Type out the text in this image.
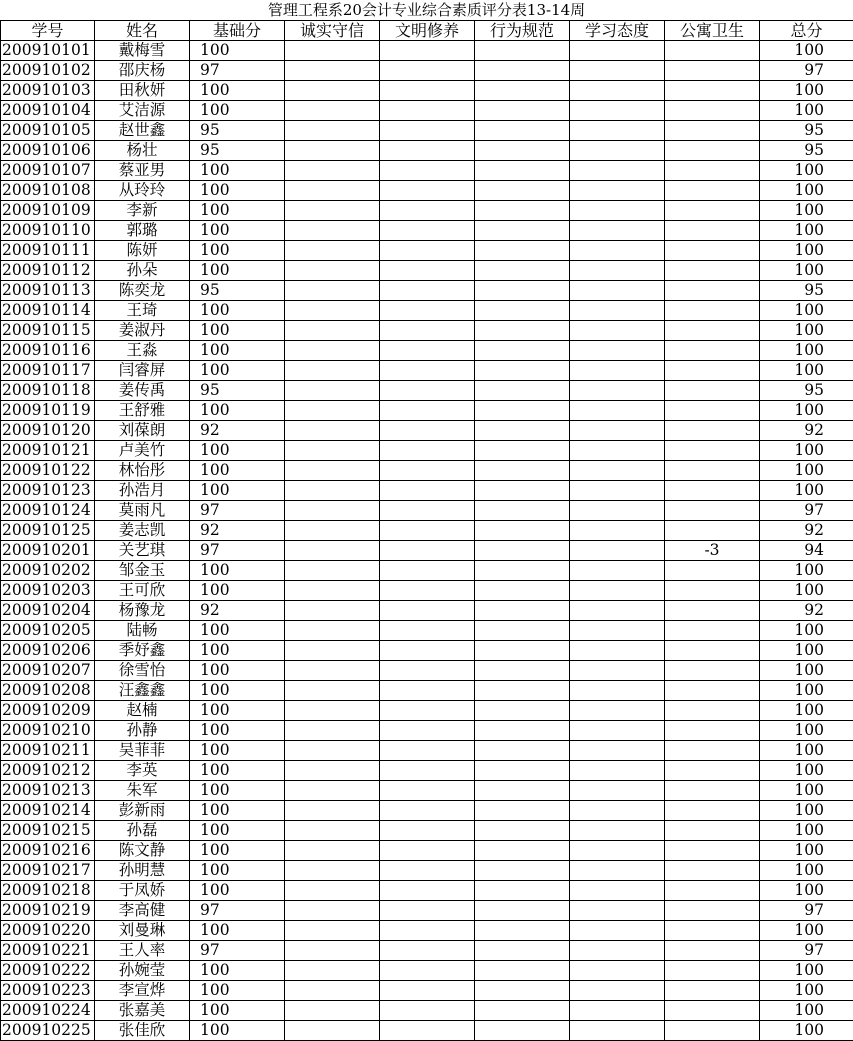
管理工程系20会计专业综合素质评分表13-14周
学号	姓名	基础分	诚实守信	文明修养	行为规范	学习态度	公寓卫生	总分
200910101	戴梅雪	100						100
200910102	邵庆杨	97						97
200910103	田秋妍	100						100
200910104	艾洁源	100						100
200910105	赵世鑫	95						95
200910106	杨壮	95						95
200910107	蔡亚男	100						100
200910108	从玲玲	100						100
200910109	李新	100						100
200910110	郭璐	100						100
200910111	陈妍	100						100
200910112	孙朵	100						100
200910113	陈奕龙	95						95
200910114	王琦	100						100
200910115	姜淑丹	100						100
200910116	王淼	100						100
200910117	闫睿屏	100						100
200910118	姜传禹	95						95
200910119	王舒雅	100						100
200910120	刘葆朗	92						92
200910121	卢美竹	100						100
200910122	林怡彤	100						100
200910123	孙浩月	100						100
200910124	莫雨凡	97						97
200910125	姜志凯	92						92
200910201	关艺琪	97					-3	94
200910202	邹金玉	100						100
200910203	王可欣	100						100
200910204	杨豫龙	92						92
200910205	陆畅	100						100
200910206	季妤鑫	100						100
200910207	徐雪怡	100						100
200910208	汪鑫鑫	100						100
200910209	赵楠	100						100
200910210	孙静	100						100
200910211	吴菲菲	100						100
200910212	李英	100						100
200910213	朱军	100						100
200910214	彭新雨	100						100
200910215	孙磊	100						100
200910216	陈文静	100						100
200910217	孙明慧	100						100
200910218	于凤娇	100						100
200910219	李高健	97						97
200910220	刘曼琳	100						100
200910221	王人率	97						97
200910222	孙婉莹	100						100
200910223	李宣烨	100						100
200910224	张嘉美	100						100
200910225	张佳欣	100						100
